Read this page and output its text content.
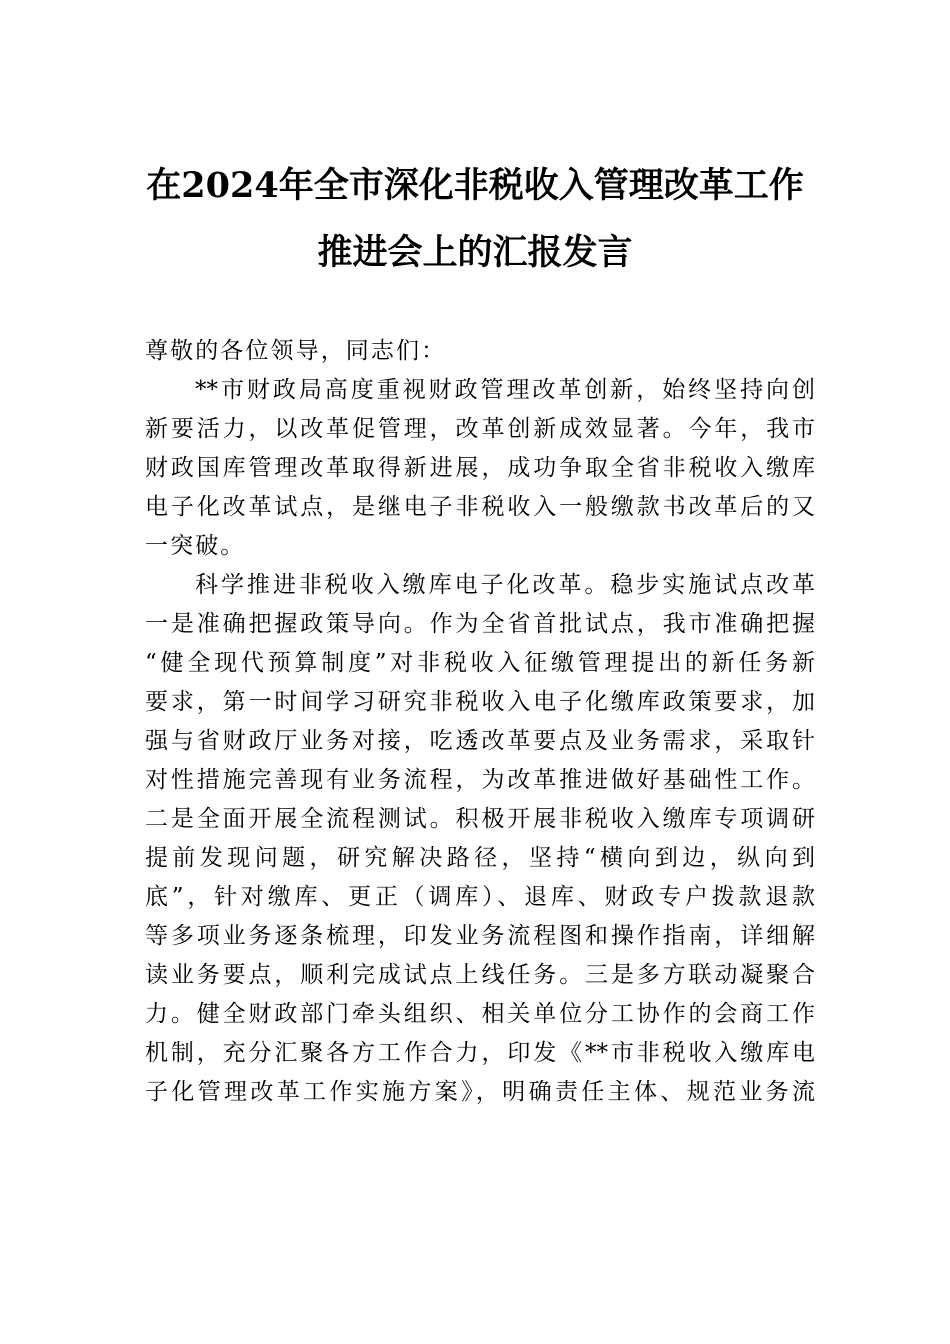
在2024年全市深化非税收入管理改革工作
推进会上的汇报发言
尊敬的各位领导，同志们：
**市财政局高度重视财政管理改革创新，始终坚持向创
新要活力，以改革促管理，改革创新成效显著。今年，我市
财政国库管理改革取得新进展，成功争取全省非税收入缴库
电子化改革试点，是继电子非税收入一般缴款书改革后的又
一突破。
科学推进非税收入缴库电子化改革。稳步实施试点改革
一是准确把握政策导向。作为全省首批试点，我市准确把握
“健全现代预算制度”对非税收入征缴管理提出的新任务新
要求，第一时间学习研究非税收入电子化缴库政策要求，加
强与省财政厅业务对接，吃透改革要点及业务需求，采取针
对性措施完善现有业务流程，为改革推进做好基础性工作。
二是全面开展全流程测试。积极开展非税收入缴库专项调研
提前发现问题，研究解决路径，坚持“横向到边，纵向到
底”，针对缴库、更正（调库）、退库、财政专户拨款退款
等多项业务逐条梳理，印发业务流程图和操作指南，详细解
读业务要点，顺利完成试点上线任务。三是多方联动凝聚合
力。健全财政部门牵头组织、相关单位分工协作的会商工作
机制，充分汇聚各方工作合力，印发《**市非税收入缴库电
子化管理改革工作实施方案》，明确责任主体、规范业务流
